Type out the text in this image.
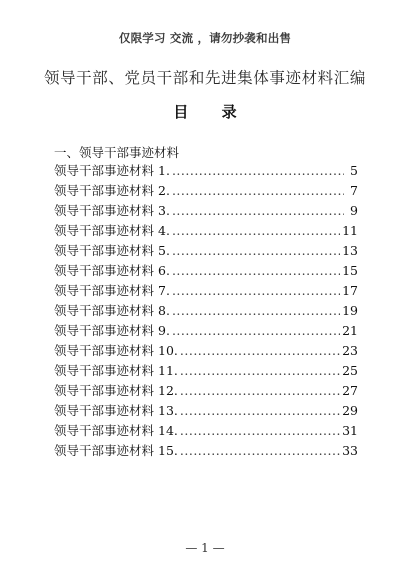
仅限学习 交流 ，请勿抄袭和出售
领导干部、党员干部和先进集体事迹材料汇编
目 录
一、领导干部事迹材料
领导干部事迹材料 1. .....	5
领导干部事迹材料 2. .....	7
领导干部事迹材料 3. .....	9
领导干部事迹材料 4. .....	11
领导干部事迹材料 5. .....	13
领导干部事迹材料 6. .....	15
领导干部事迹材料 7. .....	17
领导干部事迹材料 8. .....	19
领导干部事迹材料 9. .....	21
领导干部事迹材料 10. .....	23
领导干部事迹材料 11. .....	25
领导干部事迹材料 12. .....	27
领导干部事迹材料 13. .....	29
领导干部事迹材料 14. .....	31
领导干部事迹材料 15. .....	33
— 1 —
